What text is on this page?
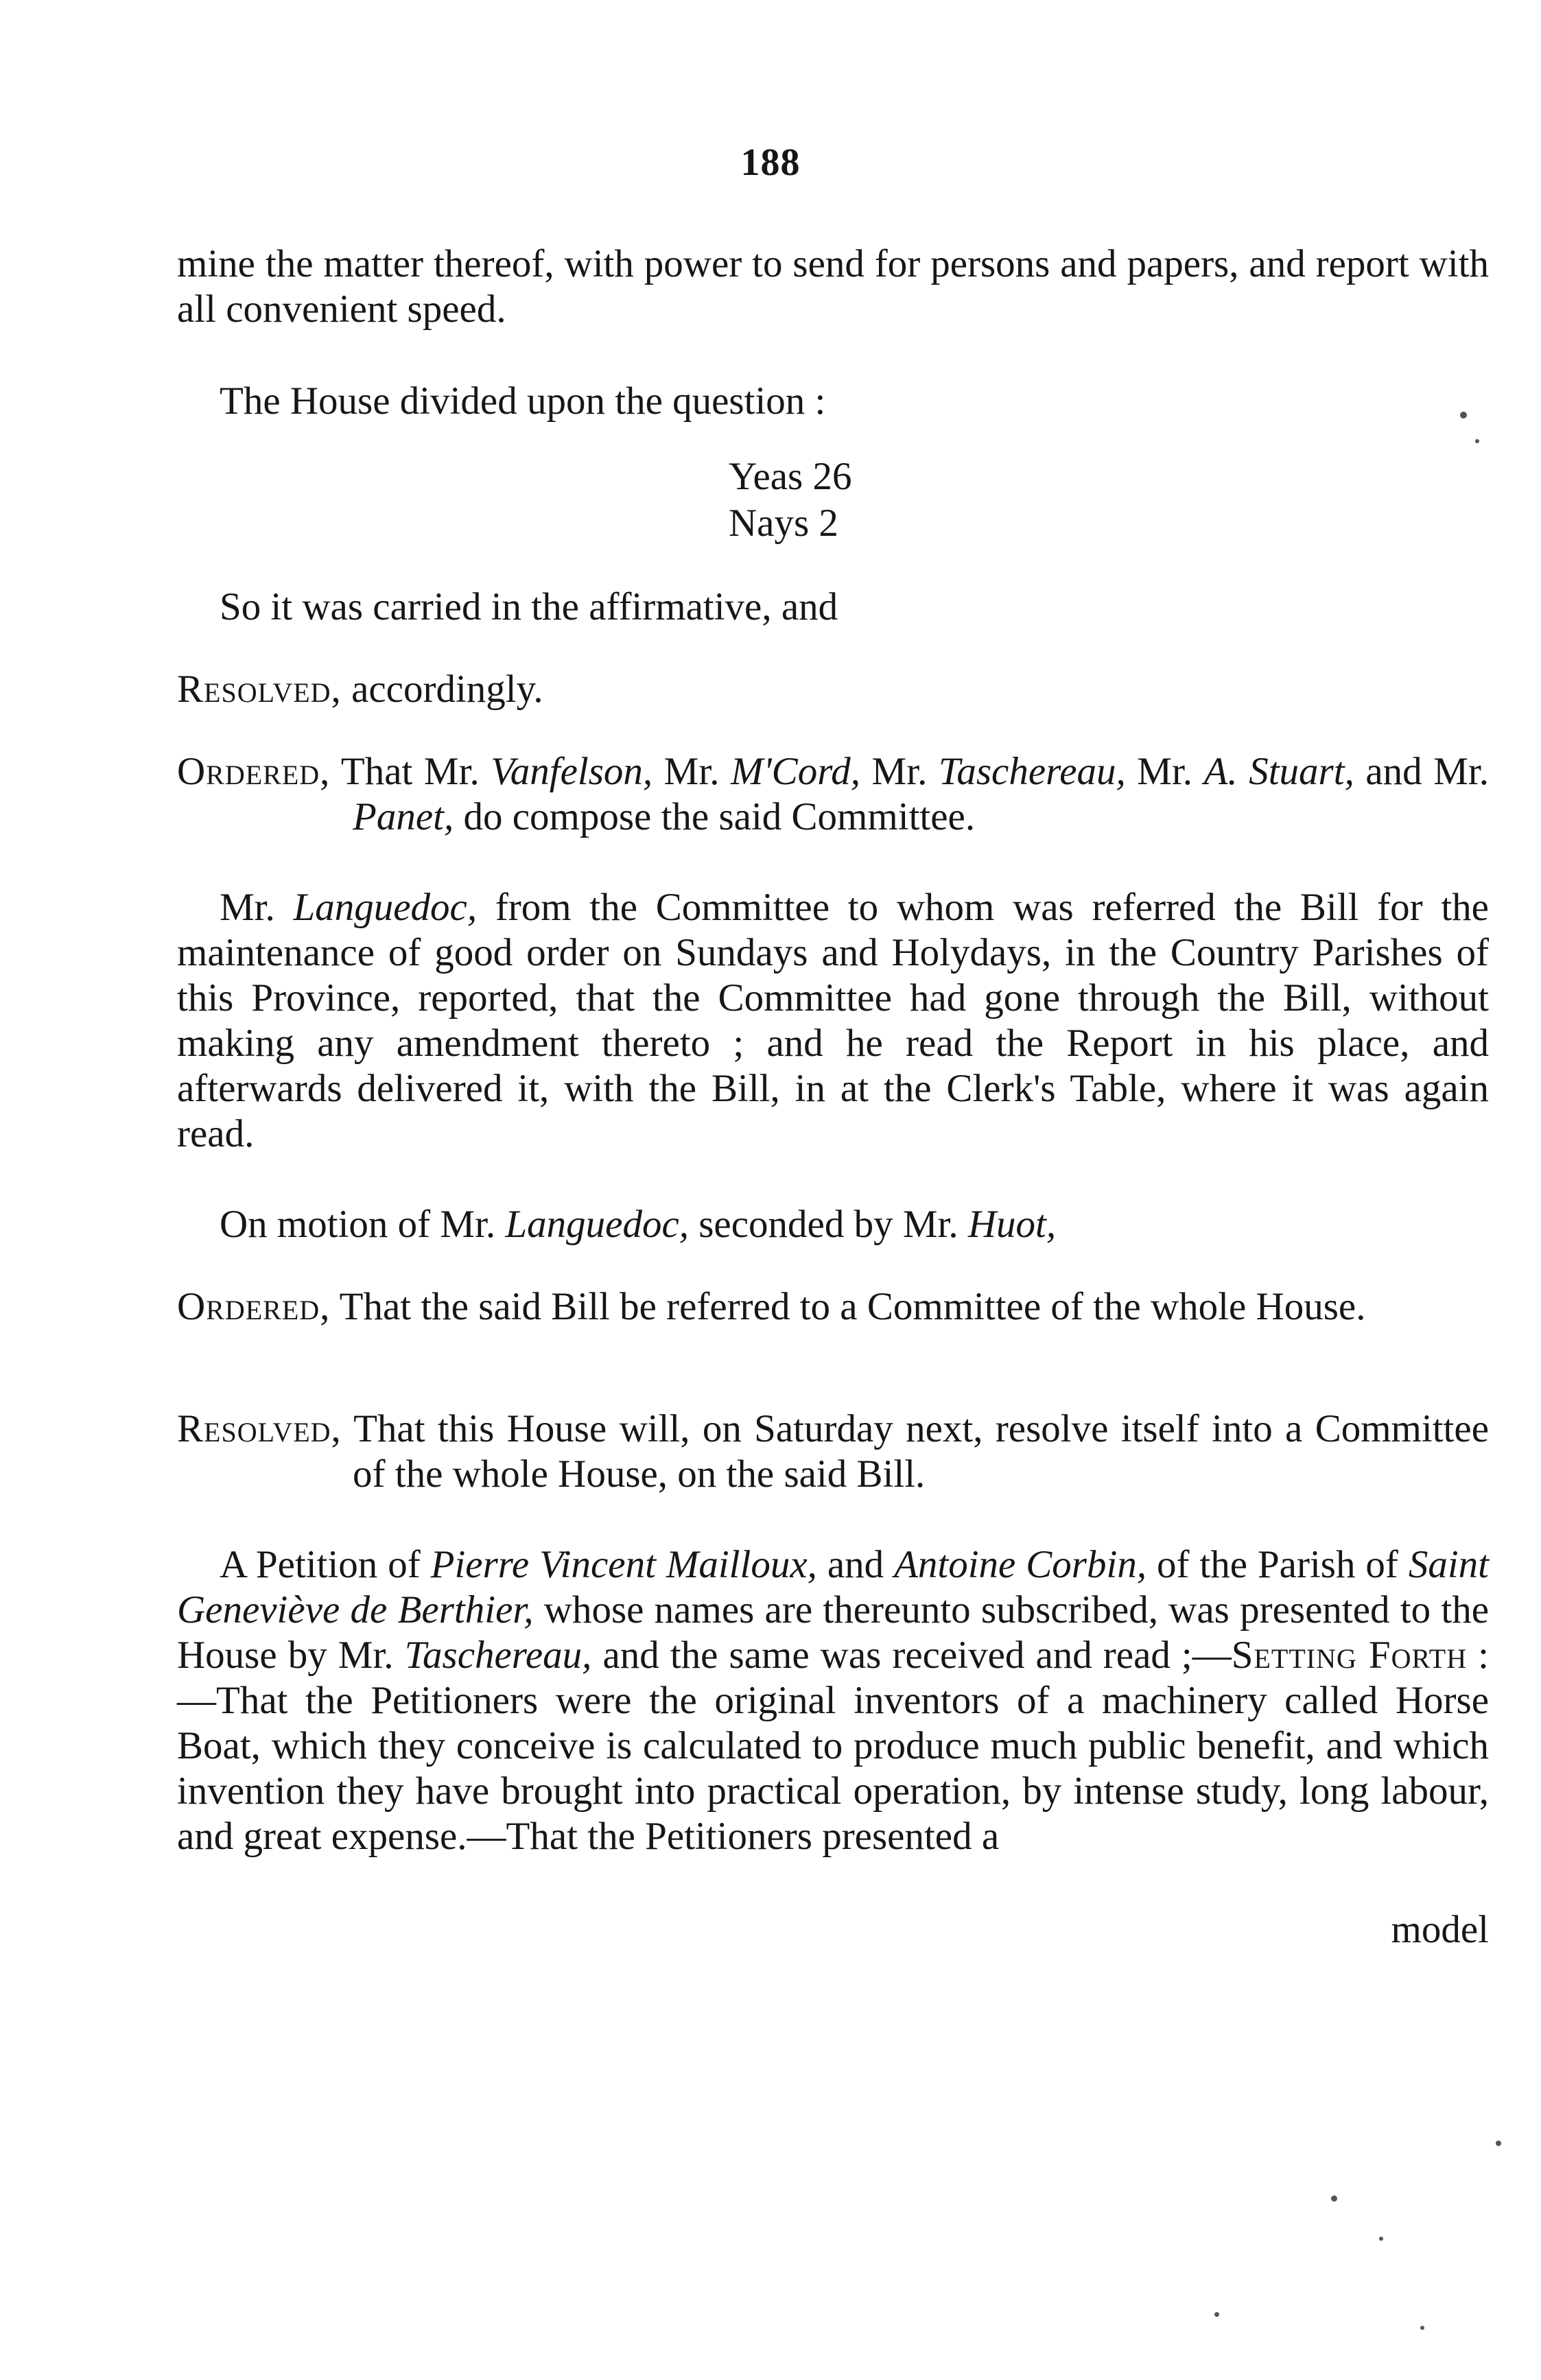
188

mine the matter thereof, with power to send for persons and papers, and report with all convenient speed.

The House divided upon the question :

Yeas 26
Nays 2

So it was carried in the affirmative, and

Resolved, accordingly.

Ordered, That Mr. Vanfelson, Mr. M'Cord, Mr. Taschereau, Mr. A. Stuart, and Mr. Panet, do compose the said Committee.

Mr. Languedoc, from the Committee to whom was referred the Bill for the maintenance of good order on Sundays and Holydays, in the Country Parishes of this Province, reported, that the Committee had gone through the Bill, without making any amendment thereto ; and he read the Report in his place, and afterwards delivered it, with the Bill, in at the Clerk's Table, where it was again read.

On motion of Mr. Languedoc, seconded by Mr. Huot,

Ordered, That the said Bill be referred to a Committee of the whole House.

Resolved, That this House will, on Saturday next, resolve itself into a Committee of the whole House, on the said Bill.

A Petition of Pierre Vincent Mailloux, and Antoine Corbin, of the Parish of Saint Geneviève de Berthier, whose names are thereunto subscribed, was presented to the House by Mr. Taschereau, and the same was received and read ;—Setting Forth :—That the Petitioners were the original inventors of a machinery called Horse Boat, which they conceive is calculated to produce much public benefit, and which invention they have brought into practical operation, by intense study, long labour, and great expense.—That the Petitioners presented a

model
